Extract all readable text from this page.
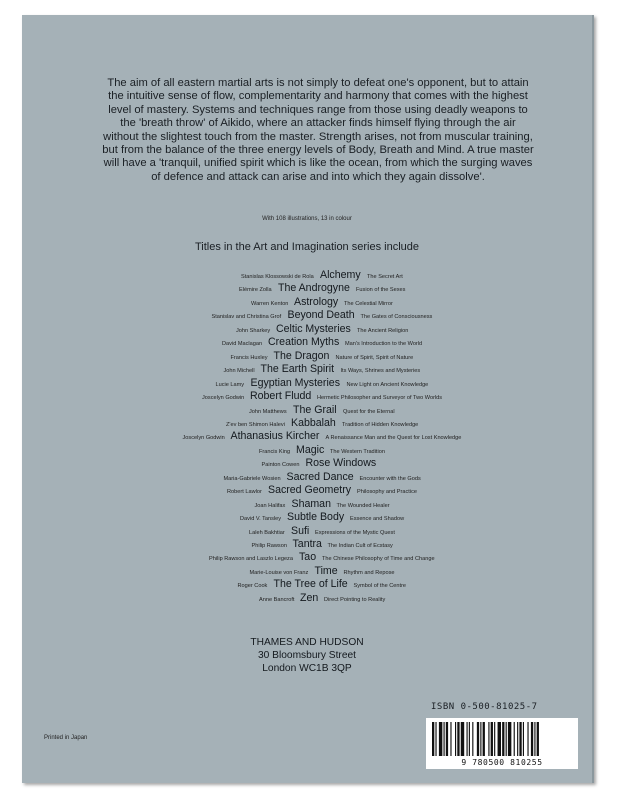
The aim of all eastern martial arts is not simply to defeat one's opponent, but to attain the intuitive sense of flow, complementarity and harmony that comes with the highest level of mastery. Systems and techniques range from those using deadly weapons to the 'breath throw' of Aikido, where an attacker finds himself flying through the air without the slightest touch from the master. Strength arises, not from muscular training, but from the balance of the three energy levels of Body, Breath and Mind. A true master will have a 'tranquil, unified spirit which is like the ocean, from which the surging waves of defence and attack can arise and into which they again dissolve'.

With 108 illustrations, 13 in colour
Titles in the Art and Imagination series include
Stanislas Klossowski de Rola Alchemy The Secret Art
Elémire Zolla The Androgyne Fusion of the Sexes
Warren Kenton Astrology The Celestial Mirror
Stanislav and Christina Grof Beyond Death The Gates of Consciousness
John Sharkey Celtic Mysteries The Ancient Religion
David Maclagan Creation Myths Man's Introduction to the World
Francis Huxley The Dragon Nature of Spirit, Spirit of Nature
John Michell The Earth Spirit Its Ways, Shrines and Mysteries
Lucie Lamy Egyptian Mysteries New Light on Ancient Knowledge
Joscelyn Godwin Robert Fludd Hermetic Philosopher and Surveyor of Two Worlds
John Matthews The Grail Quest for the Eternal
Z'ev ben Shimon Halevi Kabbalah Tradition of Hidden Knowledge
Joscelyn Godwin Athanasius Kircher A Renaissance Man and the Quest for Lost Knowledge
Francis King Magic The Western Tradition
Painton Cowen Rose Windows
Maria-Gabriele Wosien Sacred Dance Encounter with the Gods
Robert Lawlor Sacred Geometry Philosophy and Practice
Joan Halifax Shaman The Wounded Healer
David V. Tansley Subtle Body Essence and Shadow
Laleh Bakhtiar Sufi Expressions of the Mystic Quest
Philip Rawson Tantra The Indian Cult of Ecstasy
Philip Rawson and Laszlo Legeza Tao The Chinese Philosophy of Time and Change
Marie-Louise von Franz Time Rhythm and Repose
Roger Cook The Tree of Life Symbol of the Centre
Anne Bancroft Zen Direct Pointing to Reality
THAMES AND HUDSON
30 Bloomsbury Street
London WC1B 3QP
ISBN 0-500-81025-7
9 780500 810255
Printed in Japan
